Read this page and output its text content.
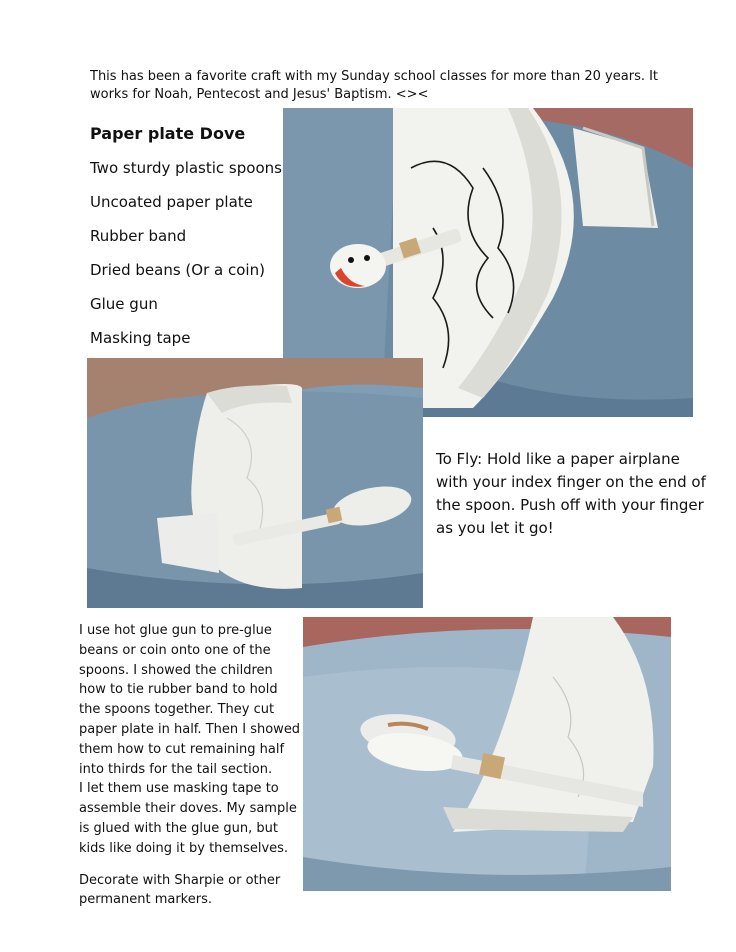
This has been a favorite craft with my Sunday school classes for more than 20 years. It works for Noah, Pentecost and Jesus' Baptism. <><
Paper plate Dove
Two sturdy plastic spoons
Uncoated paper plate
Rubber band
Dried beans (Or a coin)
Glue gun
Masking tape
To Fly: Hold like a paper airplane with your index finger on the end of the spoon. Push off with your finger as you let it go!

I use hot glue gun to pre-glue

beans or coin onto one of the

spoons. I showed the children

how to tie rubber band to hold

the spoons together. They cut

paper plate in half. Then I showed

them how to cut remaining half

into thirds for the tail section.

I let them use masking tape to

assemble their doves. My sample

is glued with the glue gun, but

kids like doing it by themselves.

Decorate with Sharpie or other

permanent markers.
